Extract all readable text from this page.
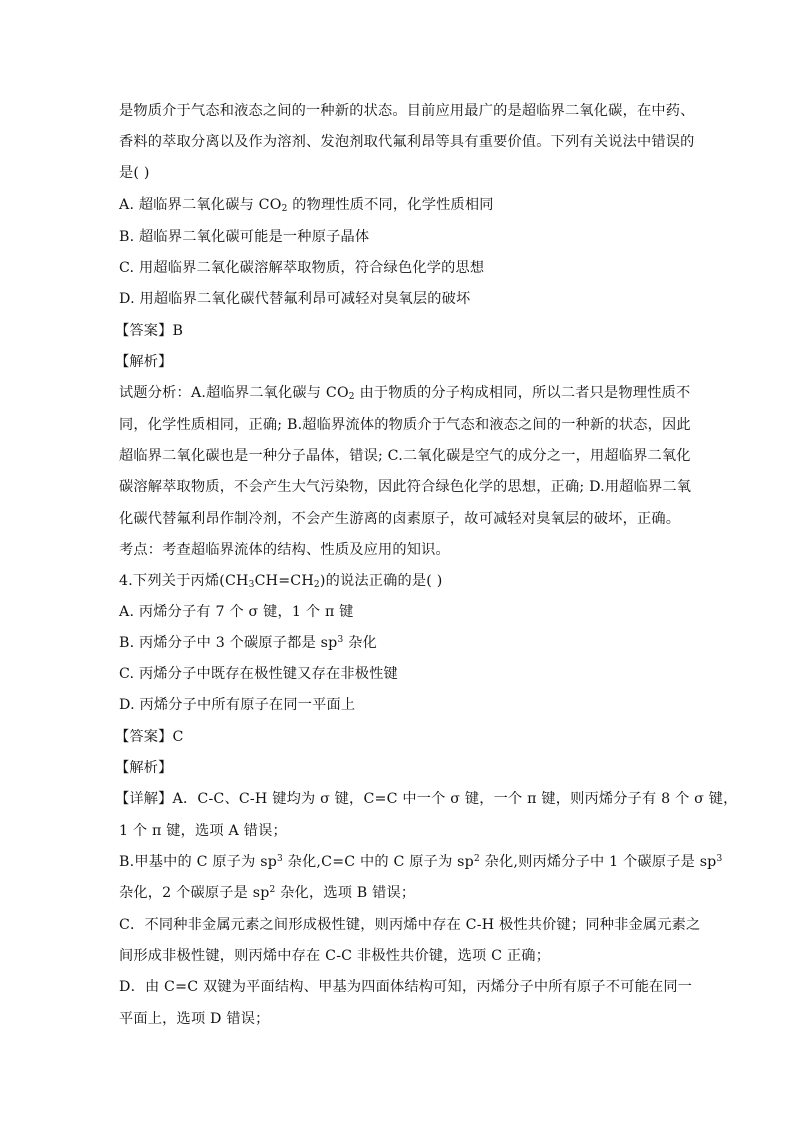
是物质介于气态和液态之间的一种新的状态。目前应用最广的是超临界二氧化碳，在中药、
香料的萃取分离以及作为溶剂、发泡剂取代氟利昂等具有重要价值。下列有关说法中错误的
是( )
A. 超临界二氧化碳与 $CO_2$ 的物理性质不同，化学性质相同
B. 超临界二氧化碳可能是一种原子晶体
C. 用超临界二氧化碳溶解萃取物质，符合绿色化学的思想
D. 用超临界二氧化碳代替氟利昂可减轻对臭氧层的破坏
【答案】B
【解析】
试题分析：A.超临界二氧化碳与 $CO_2$ 由于物质的分子构成相同，所以二者只是物理性质不
同，化学性质相同，正确; B.超临界流体的物质介于气态和液态之间的一种新的状态，因此
超临界二氧化碳也是一种分子晶体，错误; C.二氧化碳是空气的成分之一，用超临界二氧化
碳溶解萃取物质，不会产生大气污染物，因此符合绿色化学的思想，正确; D.用超临界二氧
化碳代替氟利昂作制冷剂，不会产生游离的卤素原子，故可减轻对臭氧层的破坏，正确。
考点：考查超临界流体的结构、性质及应用的知识。
4.下列关于丙烯$(CH_3CH=CH_2)$的说法正确的是( )
A. 丙烯分子有 7 个 σ 键，1 个 π 键
B. 丙烯分子中 3 个碳原子都是 $sp^3$ 杂化
C. 丙烯分子中既存在极性键又存在非极性键
D. 丙烯分子中所有原子在同一平面上
【答案】C
【解析】
【详解】A．C-C、C-H 键均为 σ 键，C=C 中一个 σ 键，一个 π 键，则丙烯分子有 8 个 σ 键，
1 个 π 键，选项 A 错误；
B.甲基中的 C 原子为 $sp^3$ 杂化,C=C 中的 C 原子为 $sp^2$ 杂化,则丙烯分子中 1 个碳原子是 $sp^3$
杂化，2 个碳原子是 $sp^2$ 杂化，选项 B 错误；
C．不同种非金属元素之间形成极性键，则丙烯中存在 C-H 极性共价键；同种非金属元素之
间形成非极性键，则丙烯中存在 C-C 非极性共价键，选项 C 正确；
D．由 C=C 双键为平面结构、甲基为四面体结构可知，丙烯分子中所有原子不可能在同一
平面上，选项 D 错误；
